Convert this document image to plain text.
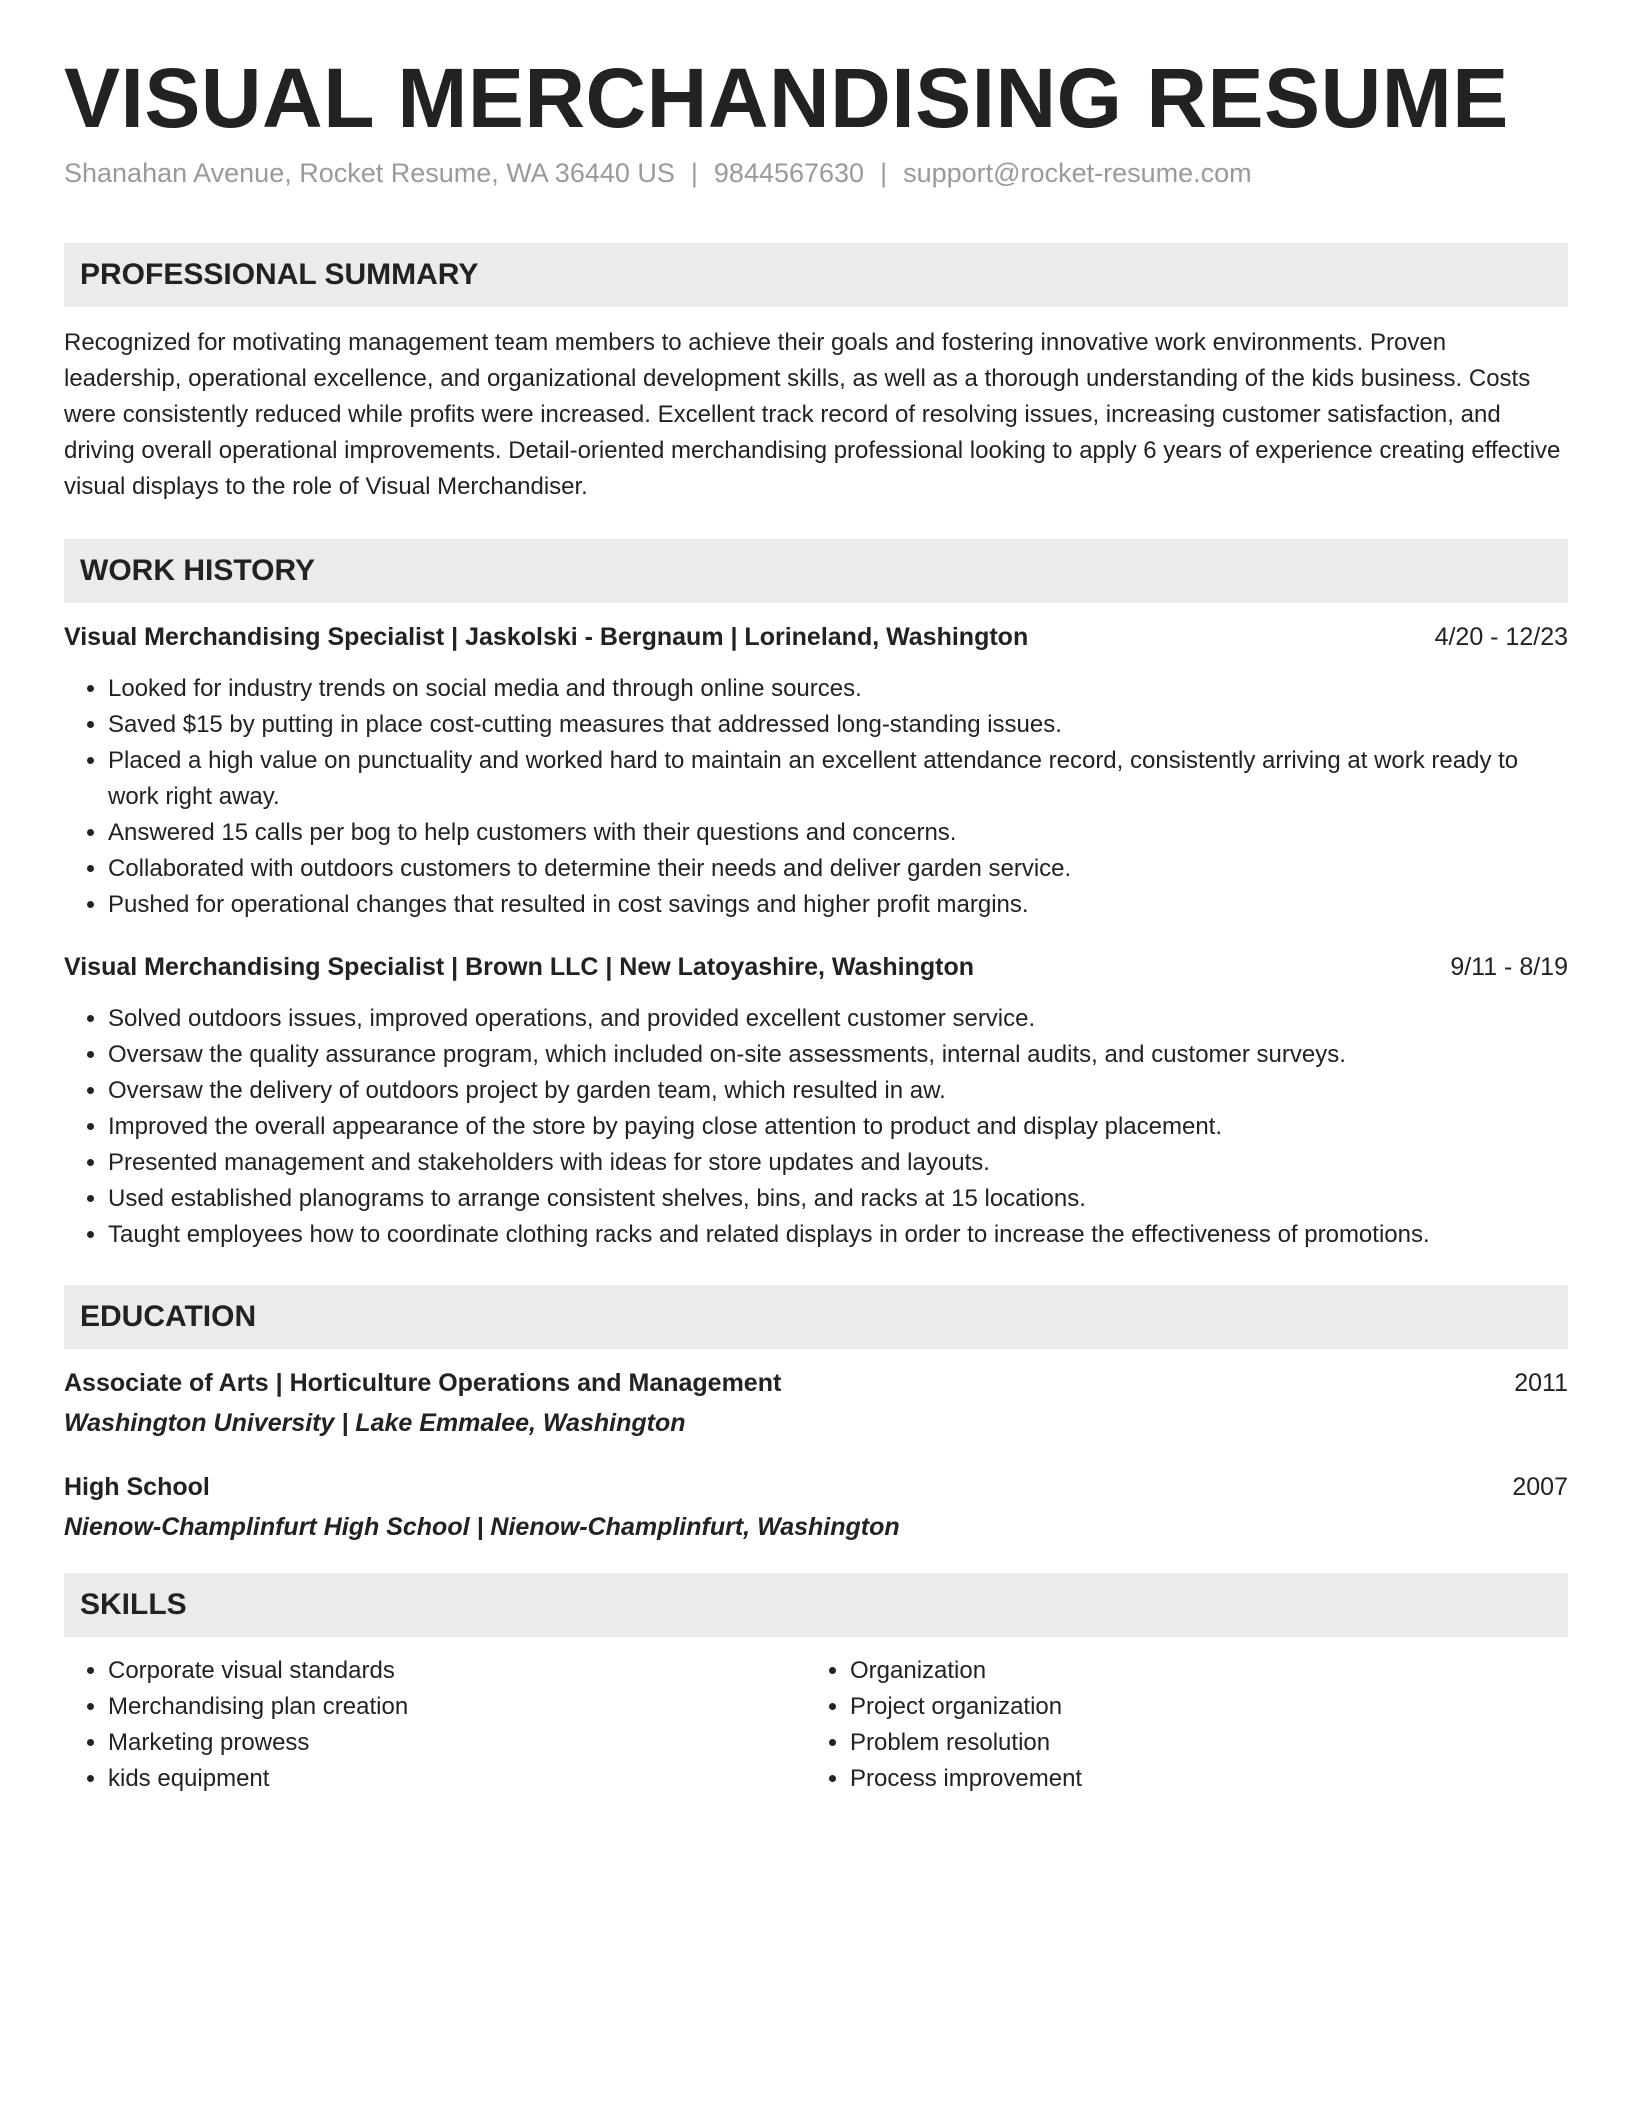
VISUAL MERCHANDISING RESUME
Shanahan Avenue, Rocket Resume, WA 36440 US | 9844567630 | support@rocket-resume.com
PROFESSIONAL SUMMARY
Recognized for motivating management team members to achieve their goals and fostering innovative work environments. Proven leadership, operational excellence, and organizational development skills, as well as a thorough understanding of the kids business. Costs were consistently reduced while profits were increased. Excellent track record of resolving issues, increasing customer satisfaction, and driving overall operational improvements. Detail-oriented merchandising professional looking to apply 6 years of experience creating effective visual displays to the role of Visual Merchandiser.
WORK HISTORY
Visual Merchandising Specialist | Jaskolski - Bergnaum | Lorineland, Washington	4/20 - 12/23
• Looked for industry trends on social media and through online sources.
• Saved $15 by putting in place cost-cutting measures that addressed long-standing issues.
• Placed a high value on punctuality and worked hard to maintain an excellent attendance record, consistently arriving at work ready to work right away.
• Answered 15 calls per bog to help customers with their questions and concerns.
• Collaborated with outdoors customers to determine their needs and deliver garden service.
• Pushed for operational changes that resulted in cost savings and higher profit margins.
Visual Merchandising Specialist | Brown LLC | New Latoyashire, Washington	9/11 - 8/19
• Solved outdoors issues, improved operations, and provided excellent customer service.
• Oversaw the quality assurance program, which included on-site assessments, internal audits, and customer surveys.
• Oversaw the delivery of outdoors project by garden team, which resulted in aw.
• Improved the overall appearance of the store by paying close attention to product and display placement.
• Presented management and stakeholders with ideas for store updates and layouts.
• Used established planograms to arrange consistent shelves, bins, and racks at 15 locations.
• Taught employees how to coordinate clothing racks and related displays in order to increase the effectiveness of promotions.
EDUCATION
Associate of Arts | Horticulture Operations and Management	2011
Washington University | Lake Emmalee, Washington
High School	2007
Nienow-Champlinfurt High School | Nienow-Champlinfurt, Washington
SKILLS
• Corporate visual standards
• Merchandising plan creation
• Marketing prowess
• kids equipment
• Organization
• Project organization
• Problem resolution
• Process improvement
